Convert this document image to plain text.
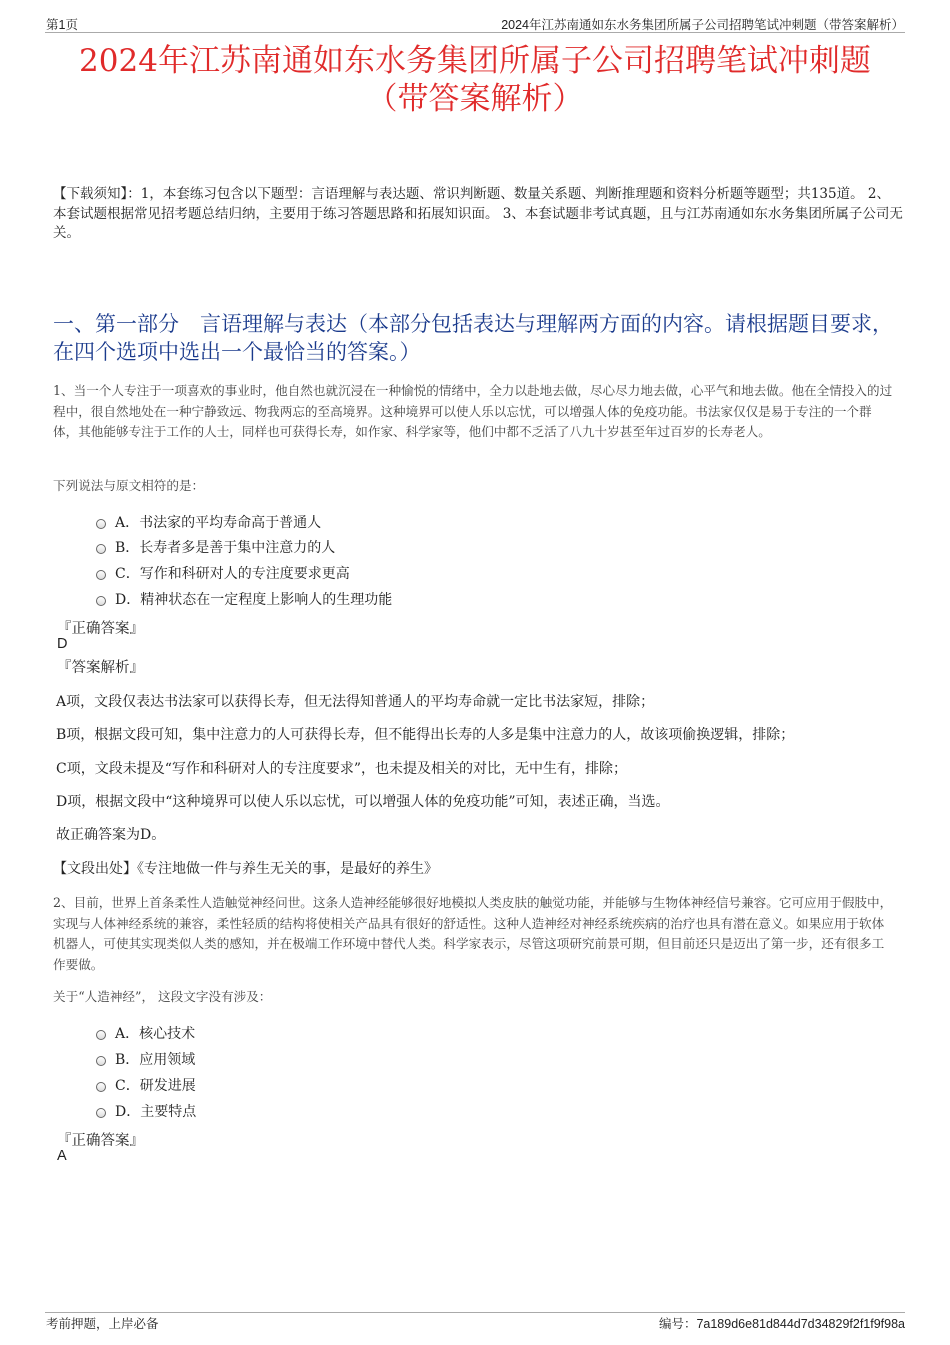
第1页	2024年江苏南通如东水务集团所属子公司招聘笔试冲刺题（带答案解析）
2024年江苏南通如东水务集团所属子公司招聘笔试冲刺题（带答案解析）
【下载须知】：1，本套练习包含以下题型：言语理解与表达题、常识判断题、数量关系题、判断推理题和资料分析题等题型；共135道。 2、本套试题根据常见招考题总结归纳，主要用于练习答题思路和拓展知识面。 3、本套试题非考试真题，且与江苏南通如东水务集团所属子公司无关。
一、第一部分　言语理解与表达（本部分包括表达与理解两方面的内容。请根据题目要求，在四个选项中选出一个最恰当的答案。）
1、当一个人专注于一项喜欢的事业时，他自然也就沉浸在一种愉悦的情绪中，全力以赴地去做，尽心尽力地去做，心平气和地去做。他在全情投入的过程中，很自然地处在一种宁静致远、物我两忘的至高境界。这种境界可以使人乐以忘忧，可以增强人体的免疫功能。书法家仅仅是易于专注的一个群体，其他能够专注于工作的人士，同样也可获得长寿，如作家、科学家等，他们中都不乏活了八九十岁甚至年过百岁的长寿老人。
下列说法与原文相符的是：
A．书法家的平均寿命高于普通人
B．长寿者多是善于集中注意力的人
C．写作和科研对人的专注度要求更高
D．精神状态在一定程度上影响人的生理功能
『正确答案』
D
『答案解析』
A项，文段仅表达书法家可以获得长寿，但无法得知普通人的平均寿命就一定比书法家短，排除；
B项，根据文段可知，集中注意力的人可获得长寿，但不能得出长寿的人多是集中注意力的人，故该项偷换逻辑，排除；
C项，文段未提及“写作和科研对人的专注度要求”，也未提及相关的对比，无中生有，排除；
D项，根据文段中“这种境界可以使人乐以忘忧，可以增强人体的免疫功能”可知，表述正确，当选。
故正确答案为D。
【文段出处】《专注地做一件与养生无关的事，是最好的养生》
2、目前，世界上首条柔性人造触觉神经问世。这条人造神经能够很好地模拟人类皮肤的触觉功能，并能够与生物体神经信号兼容。它可应用于假肢中，实现与人体神经系统的兼容，柔性轻质的结构将使相关产品具有很好的舒适性。这种人造神经对神经系统疾病的治疗也具有潜在意义。如果应用于软体机器人，可使其实现类似人类的感知，并在极端工作环境中替代人类。科学家表示，尽管这项研究前景可期，但目前还只是迈出了第一步，还有很多工作要做。
关于“人造神经”， 这段文字没有涉及：
A．核心技术
B．应用领域
C．研发进展
D．主要特点
『正确答案』
A
考前押题，上岸必备	编号：7a189d6e81d844d7d34829f2f1f9f98a
